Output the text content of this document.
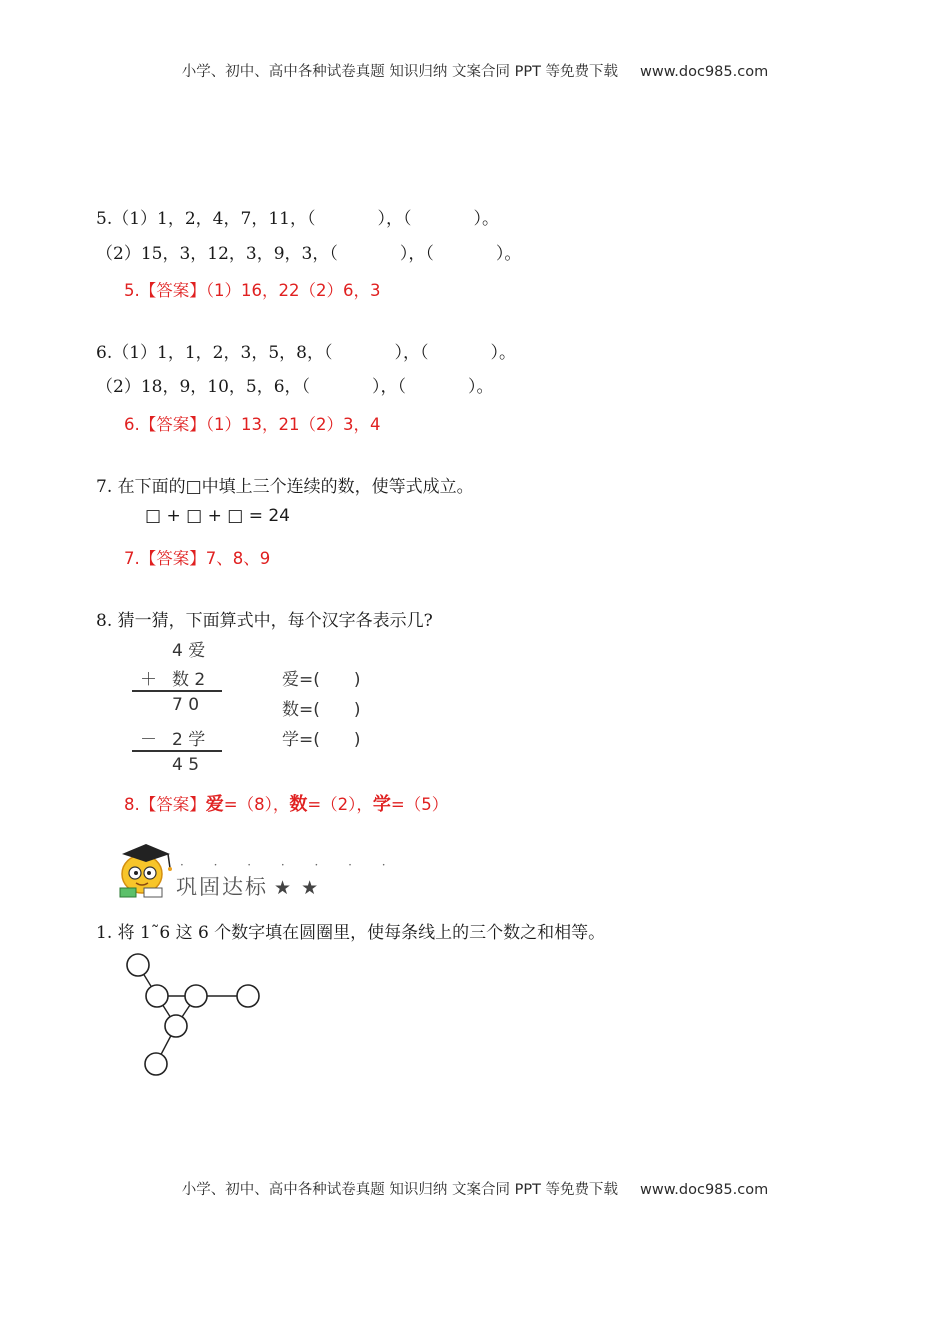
小学、初中、高中各种试卷真题 知识归纳 文案合同 PPT 等免费下载 www.doc985.com
5.（1）1，2，4，7，11，（	），（	）。
（2）15，3，12，3，9，3，（	），（	）。
5.【答案】（1）16，22（2）6，3
6.（1）1，1，2，3，5，8，（	），（	）。
（2）18，9，10，5，6，（	），（	）。
6.【答案】（1）13，21（2）3，4
7. 在下面的□中填上三个连续的数，使等式成立。
□ + □ + □ = 24
7.【答案】7、8、9
8. 猜一猜，下面算式中，每个汉字各表示几?
4 爱
＋ 数 2
7 0
－ 2 学
4 5
爱=(　　)
数=(　　)
学=(　　)
8.【答案】爱=（8），数=（2），学=（5）
· · · · · · ·
巩固达标 ★ ★
1. 将 1˜6 这 6 个数字填在圆圈里，使每条线上的三个数之和相等。
小学、初中、高中各种试卷真题 知识归纳 文案合同 PPT 等免费下载 www.doc985.com
